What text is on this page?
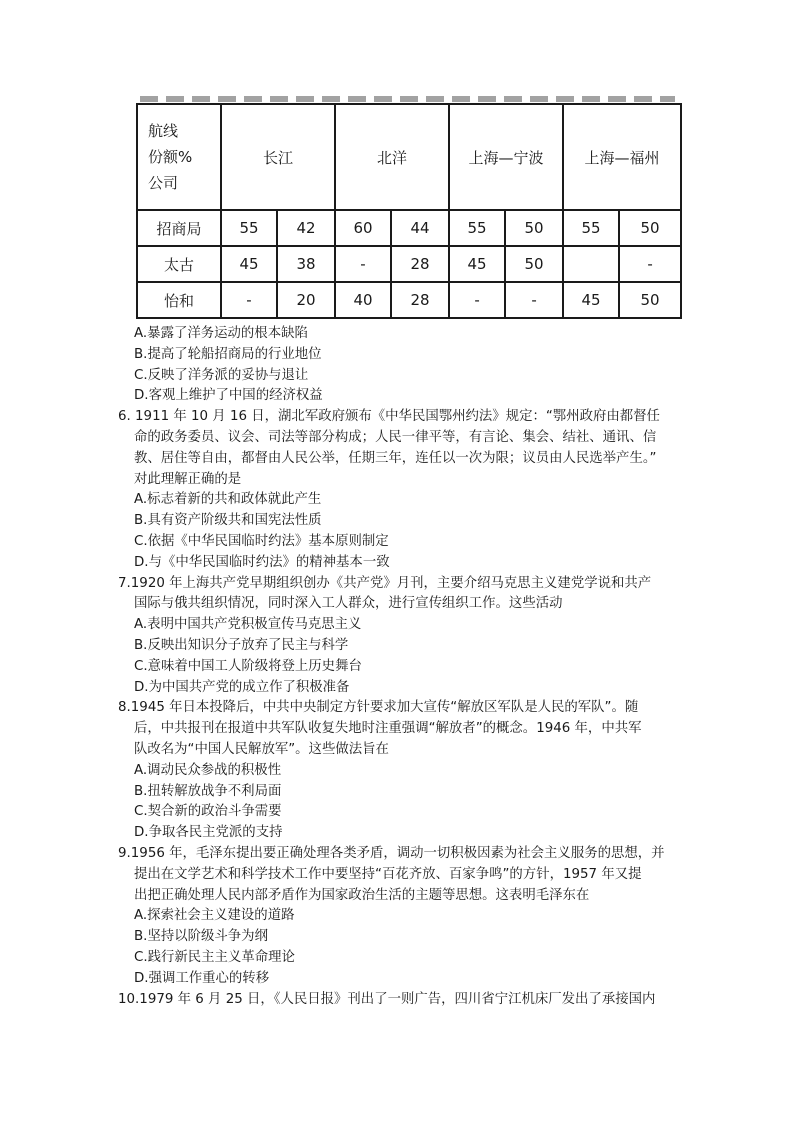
航线
份额%
公司	长江		北洋		上海—宁波		上海—福州	
招商局	55	42	60	44	55	50	55	50
太古	45	38	-	28	45	50		-
怡和	-	20	40	28	-	-	45	50
A.暴露了洋务运动的根本缺陷
B.提高了轮船招商局的行业地位
C.反映了洋务派的妥协与退让
D.客观上维护了中国的经济权益
6. 1911 年 10 月 16 日，湖北军政府颁布《中华民国鄂州约法》规定：“鄂州政府由都督任
命的政务委员、议会、司法等部分构成；人民一律平等，有言论、集会、结社、通讯、信
教、居住等自由，都督由人民公举，任期三年，连任以一次为限；议员由人民选举产生。”
对此理解正确的是
A.标志着新的共和政体就此产生
B.具有资产阶级共和国宪法性质
C.依据《中华民国临时约法》基本原则制定
D.与《中华民国临时约法》的精神基本一致
7.1920 年上海共产党早期组织创办《共产党》月刊，主要介绍马克思主义建党学说和共产
国际与俄共组织情况，同时深入工人群众，进行宣传组织工作。这些活动
A.表明中国共产党积极宣传马克思主义
B.反映出知识分子放弃了民主与科学
C.意味着中国工人阶级将登上历史舞台
D.为中国共产党的成立作了积极准备
8.1945 年日本投降后，中共中央制定方针要求加大宣传“解放区军队是人民的军队”。随
后，中共报刊在报道中共军队收复失地时注重强调“解放者”的概念。1946 年，中共军
队改名为“中国人民解放军”。这些做法旨在
A.调动民众参战的积极性
B.扭转解放战争不利局面
C.契合新的政治斗争需要
D.争取各民主党派的支持
9.1956 年，毛泽东提出要正确处理各类矛盾，调动一切积极因素为社会主义服务的思想，并
提出在文学艺术和科学技术工作中要坚持“百花齐放、百家争鸣”的方针，1957 年又提
出把正确处理人民内部矛盾作为国家政治生活的主题等思想。这表明毛泽东在
A.探索社会主义建设的道路
B.坚持以阶级斗争为纲
C.践行新民主主义革命理论
D.强调工作重心的转移
10.1979 年 6 月 25 日，《人民日报》刊出了一则广告，四川省宁江机床厂发出了承接国内
